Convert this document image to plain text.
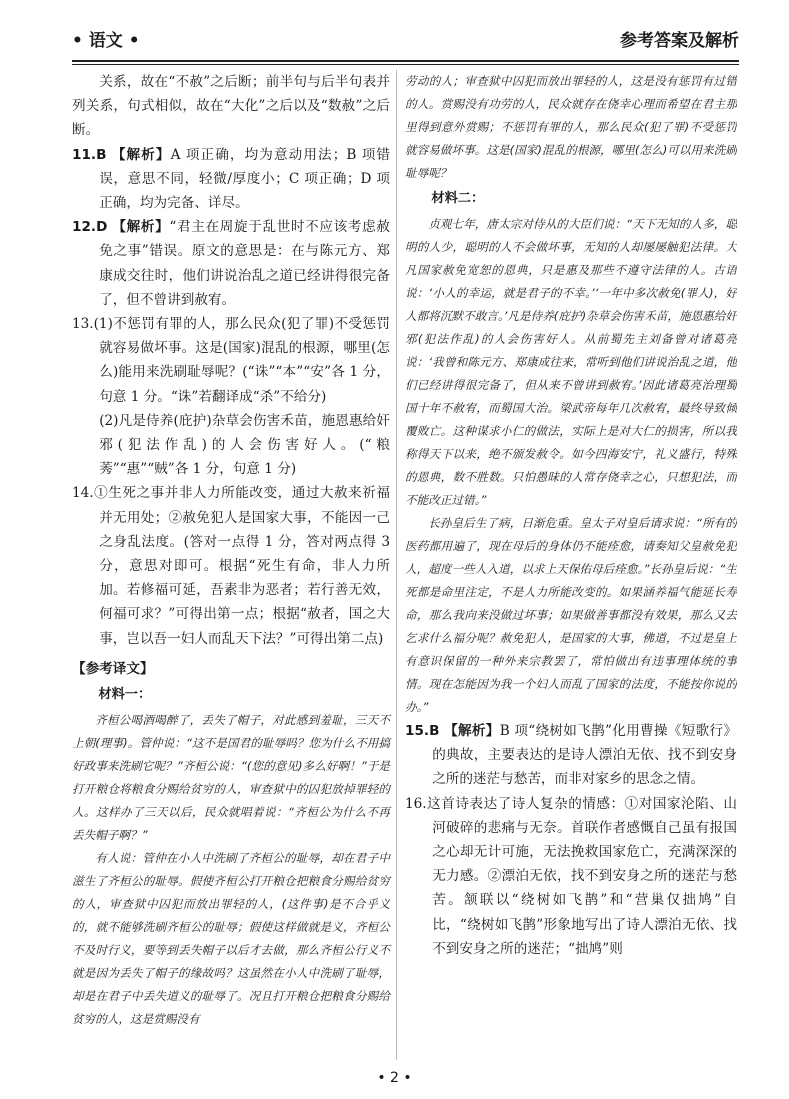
• 语文 •	参考答案及解析

关系，故在“不赦”之后断；前半句与后半句表并列关系，句式相似，故在“大化”之后以及“数赦”之后断。

11.B 【解析】A 项正确，均为意动用法；B 项错误，意思不同，轻微/厚度小；C 项正确；D 项正确，均为完备、详尽。

12.D 【解析】“君主在周旋于乱世时不应该考虑赦免之事”错误。原文的意思是：在与陈元方、郑康成交往时，他们讲说治乱之道已经讲得很完备了，但不曾讲到赦宥。

13.(1)不惩罚有罪的人，那么民众(犯了罪)不受惩罚就容易做坏事。这是(国家)混乱的根源，哪里(怎么)能用来洗刷耻辱呢？(“诛”“本”“安”各 1 分，句意 1 分。“诛”若翻译成“杀”不给分)

(2)凡是侍养(庇护)杂草会伤害禾苗，施恩惠给奸邪(犯法作乱)的人会伤害好人。(“粮莠”“惠”“贼”各 1 分，句意 1 分)

14.①生死之事并非人力所能改变，通过大赦来祈福并无用处；②赦免犯人是国家大事，不能因一己之身乱法度。(答对一点得 1 分，答对两点得 3 分，意思对即可。根据“死生有命，非人力所加。若修福可延，吾素非为恶者；若行善无效，何福可求？”可得出第一点；根据“赦者，国之大事，岂以吾一妇人而乱天下法？”可得出第二点)

【参考译文】
材料一：

齐桓公喝酒喝醉了，丢失了帽子，对此感到羞耻，三天不上朝(理事)。管仲说：“这不是国君的耻辱吗？您为什么不用搞好政事来洗刷它呢？”齐桓公说：“(您的意见)多么好啊！”于是打开粮仓将粮食分赐给贫穷的人，审查狱中的囚犯放掉罪轻的人。这样办了三天以后，民众就唱着说：“齐桓公为什么不再丢失帽子啊？”

有人说：管仲在小人中洗刷了齐桓公的耻辱，却在君子中滋生了齐桓公的耻辱。假使齐桓公打开粮仓把粮食分赐给贫穷的人，审查狱中囚犯而放出罪轻的人，(这件事)是不合乎义的，就不能够洗刷齐桓公的耻辱；假使这样做就是义，齐桓公不及时行义，要等到丢失帽子以后才去做，那么齐桓公行义不就是因为丢失了帽子的缘故吗？这虽然在小人中洗刷了耻辱，却是在君子中丢失道义的耻辱了。况且打开粮仓把粮食分赐给贫穷的人，这是赏赐没有

劳动的人；审查狱中囚犯而放出罪轻的人，这是没有惩罚有过错的人。赏赐没有功劳的人，民众就存在侥幸心理而希望在君主那里得到意外赏赐；不惩罚有罪的人，那么民众(犯了罪)不受惩罚就容易做坏事。这是(国家)混乱的根源，哪里(怎么)可以用来洗刷耻辱呢？

材料二：

贞观七年，唐太宗对侍从的大臣们说：“天下无知的人多，聪明的人少，聪明的人不会做坏事，无知的人却屡屡触犯法律。大凡国家赦免宽恕的恩典，只是惠及那些不遵守法律的人。古语说：‘小人的幸运，就是君子的不幸。’‘一年中多次赦免(罪人)，好人都将沉默不敢言。’凡是侍养(庇护)杂草会伤害禾苗，施恩惠给奸邪(犯法作乱)的人会伤害好人。从前蜀先主刘备曾对诸葛亮说：‘我曾和陈元方、郑康成往来，常听到他们讲说治乱之道，他们已经讲得很完备了，但从来不曾讲到赦宥。’因此诸葛亮治理蜀国十年不赦宥，而蜀国大治。梁武帝每年几次赦宥，最终导致倾覆败亡。这种谋求小仁的做法，实际上是对大仁的损害，所以我称得天下以来，绝不颁发赦令。如今四海安宁，礼义盛行，特殊的恩典，数不胜数。只怕愚昧的人常存侥幸之心，只想犯法，而不能改正过错。”

长孙皇后生了病，日渐危重。皇太子对皇后请求说：“所有的医药都用遍了，现在母后的身体仍不能痊愈，请奏知父皇赦免犯人，超度一些人入道，以求上天保佑母后痊愈。”长孙皇后说：“生死都是命里注定，不是人力所能改变的。如果涵养福气能延长寿命，那么我向来没做过坏事；如果做善事都没有效果，那么又去乞求什么福分呢？赦免犯人，是国家的大事，佛道，不过是皇上有意识保留的一种外来宗教罢了，常怕做出有违事理体统的事情。现在怎能因为我一个妇人而乱了国家的法度，不能按你说的办。”

15.B 【解析】B 项“绕树如飞鹊”化用曹操《短歌行》的典故，主要表达的是诗人漂泊无依、找不到安身之所的迷茫与愁苦，而非对家乡的思念之情。

16.这首诗表达了诗人复杂的情感：①对国家沦陷、山河破碎的悲痛与无奈。首联作者感慨自己虽有报国之心却无计可施，无法挽救国家危亡，充满深深的无力感。②漂泊无依，找不到安身之所的迷茫与愁苦。颔联以“绕树如飞鹊”和“营巢仅拙鸠”自比，“绕树如飞鹊”形象地写出了诗人漂泊无依、找不到安身之所的迷茫；“拙鸠”则

• 2 •
